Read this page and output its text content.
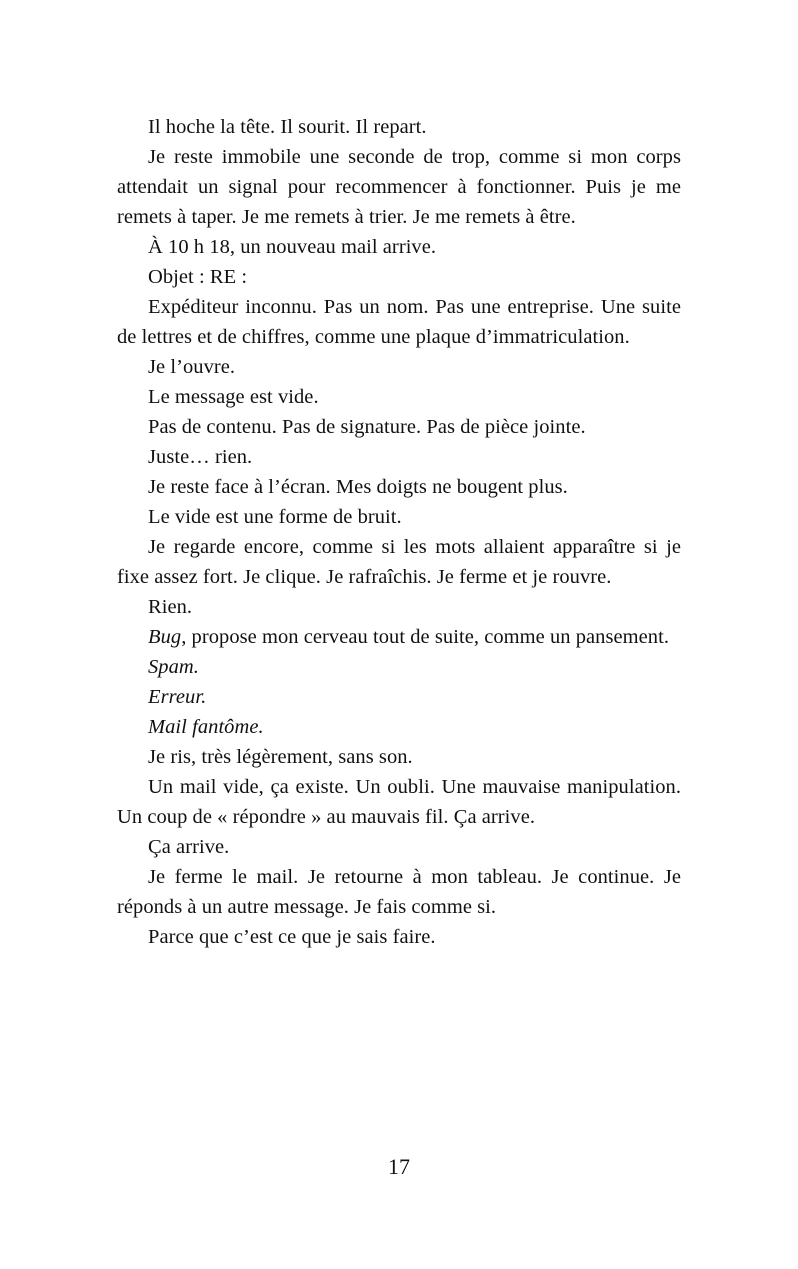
Il hoche la tête. Il sourit. Il repart.

Je reste immobile une seconde de trop, comme si mon corps attendait un signal pour recommencer à fonctionner. Puis je me remets à taper. Je me remets à trier. Je me remets à être.

À 10 h 18, un nouveau mail arrive.

Objet : RE :

Expéditeur inconnu. Pas un nom. Pas une entreprise. Une suite de lettres et de chiffres, comme une plaque d’immatriculation.

Je l’ouvre.

Le message est vide.

Pas de contenu. Pas de signature. Pas de pièce jointe.

Juste… rien.

Je reste face à l’écran. Mes doigts ne bougent plus.

Le vide est une forme de bruit.

Je regarde encore, comme si les mots allaient apparaître si je fixe assez fort. Je clique. Je rafraîchis. Je ferme et je rouvre.

Rien.

Bug, propose mon cerveau tout de suite, comme un pansement.

Spam.

Erreur.

Mail fantôme.

Je ris, très légèrement, sans son.

Un mail vide, ça existe. Un oubli. Une mauvaise manipulation. Un coup de « répondre » au mauvais fil. Ça arrive.

Ça arrive.

Je ferme le mail. Je retourne à mon tableau. Je continue. Je réponds à un autre message. Je fais comme si.

Parce que c’est ce que je sais faire.

17
